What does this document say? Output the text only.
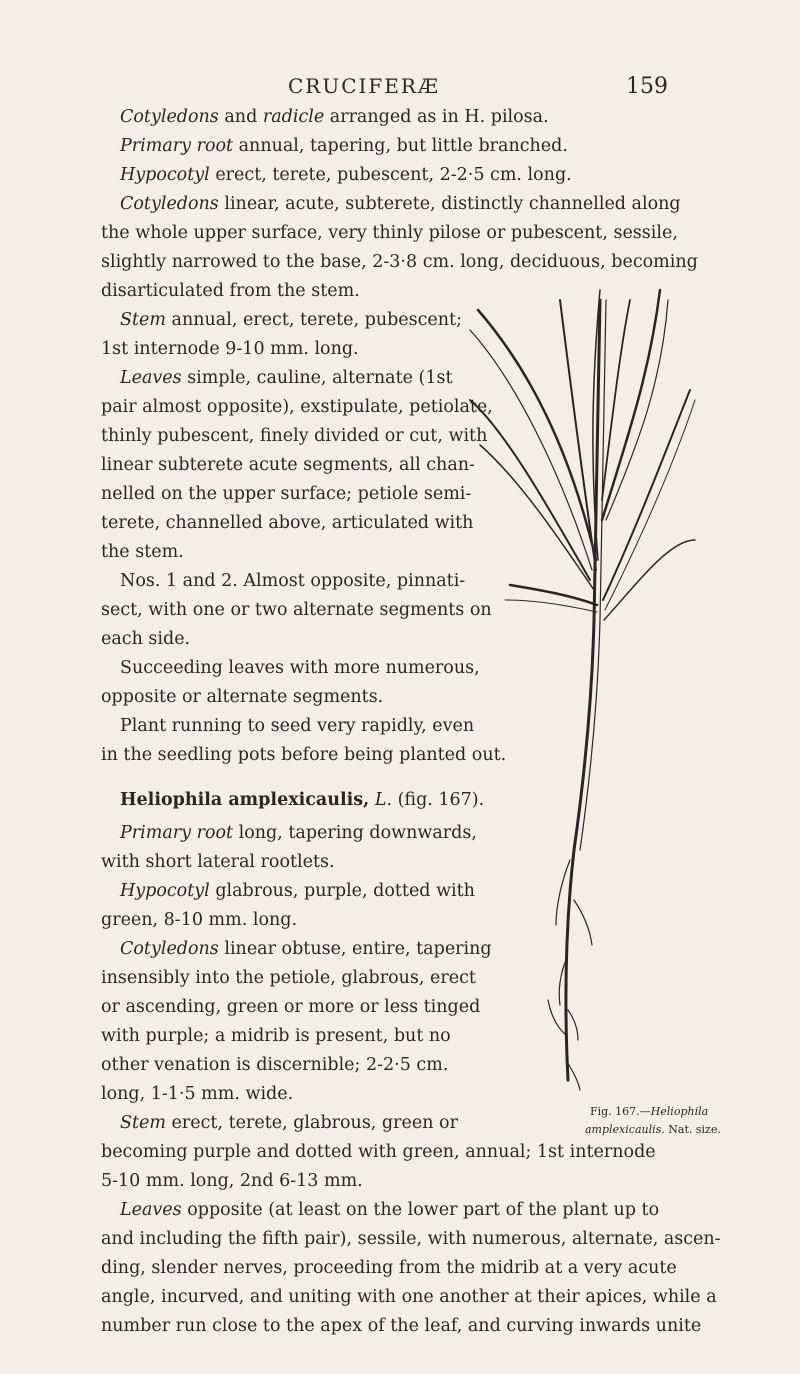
CRUCIFERÆ	159
Cotyledons and radicle arranged as in H. pilosa.
Primary root annual, tapering, but little branched.
Hypocotyl erect, terete, pubescent, 2-2·5 cm. long.
Cotyledons linear, acute, subterete, distinctly channelled along
the whole upper surface, very thinly pilose or pubescent, sessile,
slightly narrowed to the base, 2-3·8 cm. long, deciduous, becoming
disarticulated from the stem.
Stem annual, erect, terete, pubescent;
1st internode 9-10 mm. long.
Leaves simple, cauline, alternate (1st
pair almost opposite), exstipulate, petiolate,
thinly pubescent, finely divided or cut, with
linear subterete acute segments, all chan-
nelled on the upper surface; petiole semi-
terete, channelled above, articulated with
the stem.
Nos. 1 and 2. Almost opposite, pinnati-
sect, with one or two alternate segments on
each side.
Succeeding leaves with more numerous,
opposite or alternate segments.
Plant running to seed very rapidly, even
in the seedling pots before being planted out.
Heliophila amplexicaulis, L. (fig. 167).
Primary root long, tapering downwards,
with short lateral rootlets.
Hypocotyl glabrous, purple, dotted with
green, 8-10 mm. long.
Cotyledons linear obtuse, entire, tapering
insensibly into the petiole, glabrous, erect
or ascending, green or more or less tinged
with purple; a midrib is present, but no
other venation is discernible; 2-2·5 cm.
long, 1-1·5 mm. wide.
Stem erect, terete, glabrous, green or
becoming purple and dotted with green, annual; 1st internode
5-10 mm. long, 2nd 6-13 mm.
Leaves opposite (at least on the lower part of the plant up to
and including the fifth pair), sessile, with numerous, alternate, ascen-
ding, slender nerves, proceeding from the midrib at a very acute
angle, incurved, and uniting with one another at their apices, while a
number run close to the apex of the leaf, and curving inwards unite
Fig. 167.—Heliophila
amplexicaulis. Nat. size.
